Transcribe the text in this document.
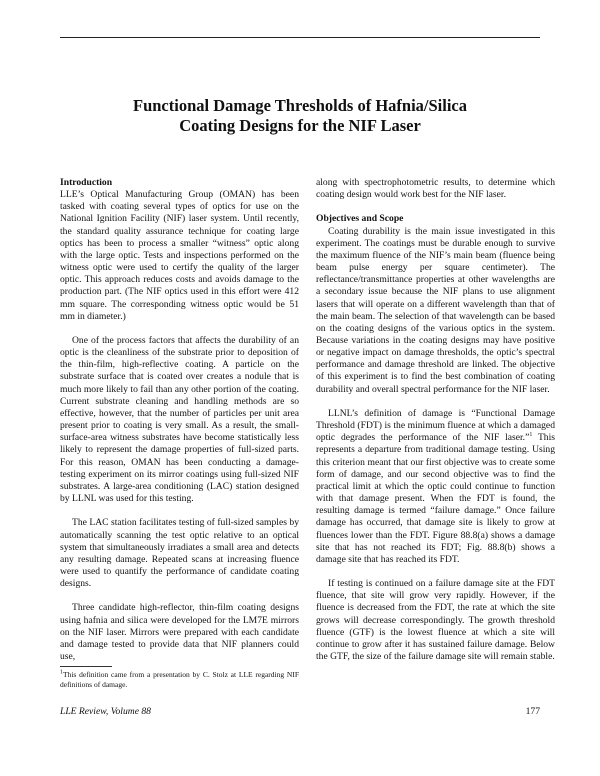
Functional Damage Thresholds of Hafnia/Silica
Coating Designs for the NIF Laser
Introduction

LLE’s Optical Manufacturing Group (OMAN) has been tasked with coating several types of optics for use on the National Ignition Facility (NIF) laser system. Until recently, the standard quality assurance technique for coating large optics has been to process a smaller “witness” optic along with the large optic. Tests and inspections performed on the witness optic were used to certify the quality of the larger optic. This approach reduces costs and avoids damage to the production part. (The NIF optics used in this effort were 412 mm square. The corresponding witness optic would be 51 mm in diameter.)

One of the process factors that affects the durability of an optic is the cleanliness of the substrate prior to deposition of the thin-film, high-reflective coating. A particle on the substrate surface that is coated over creates a nodule that is much more likely to fail than any other portion of the coating. Current substrate cleaning and handling methods are so effective, however, that the number of particles per unit area present prior to coating is very small. As a result, the small-surface-area witness substrates have become statistically less likely to represent the damage properties of full-sized parts. For this reason, OMAN has been conducting a damage-testing experiment on its mirror coatings using full-sized NIF substrates. A large-area conditioning (LAC) station designed by LLNL was used for this testing.

The LAC station facilitates testing of full-sized samples by automatically scanning the test optic relative to an optical system that simultaneously irradiates a small area and detects any resulting damage. Repeated scans at increasing fluence were used to quantify the performance of candidate coating designs.

Three candidate high-reflector, thin-film coating designs using hafnia and silica were developed for the LM7E mirrors on the NIF laser. Mirrors were prepared with each candidate and damage tested to provide data that NIF planners could use,

along with spectrophotometric results, to determine which coating design would work best for the NIF laser.

Objectives and Scope

Coating durability is the main issue investigated in this experiment. The coatings must be durable enough to survive the maximum fluence of the NIF’s main beam (fluence being beam pulse energy per square centimeter). The reflectance/transmittance properties at other wavelengths are a secondary issue because the NIF plans to use alignment lasers that will operate on a different wavelength than that of the main beam. The selection of that wavelength can be based on the coating designs of the various optics in the system. Because variations in the coating designs may have positive or negative impact on damage thresholds, the optic’s spectral performance and damage threshold are linked. The objective of this experiment is to find the best combination of coating durability and overall spectral performance for the NIF laser.

LLNL’s definition of damage is “Functional Damage Threshold (FDT) is the minimum fluence at which a damaged optic degrades the performance of the NIF laser.”$^1$ This represents a departure from traditional damage testing. Using this criterion meant that our first objective was to create some form of damage, and our second objective was to find the practical limit at which the optic could continue to function with that damage present. When the FDT is found, the resulting damage is termed “failure damage.” Once failure damage has occurred, that damage site is likely to grow at fluences lower than the FDT. Figure 88.8(a) shows a damage site that has not reached its FDT; Fig. 88.8(b) shows a damage site that has reached its FDT.

If testing is continued on a failure damage site at the FDT fluence, that site will grow very rapidly. However, if the fluence is decreased from the FDT, the rate at which the site grows will decrease correspondingly. The growth threshold fluence (GTF) is the lowest fluence at which a site will continue to grow after it has sustained failure damage. Below the GTF, the size of the failure damage site will remain stable.

$^1$This definition came from a presentation by C. Stolz at LLE regarding NIF definitions of damage.

LLE Review, Volume 88	177
